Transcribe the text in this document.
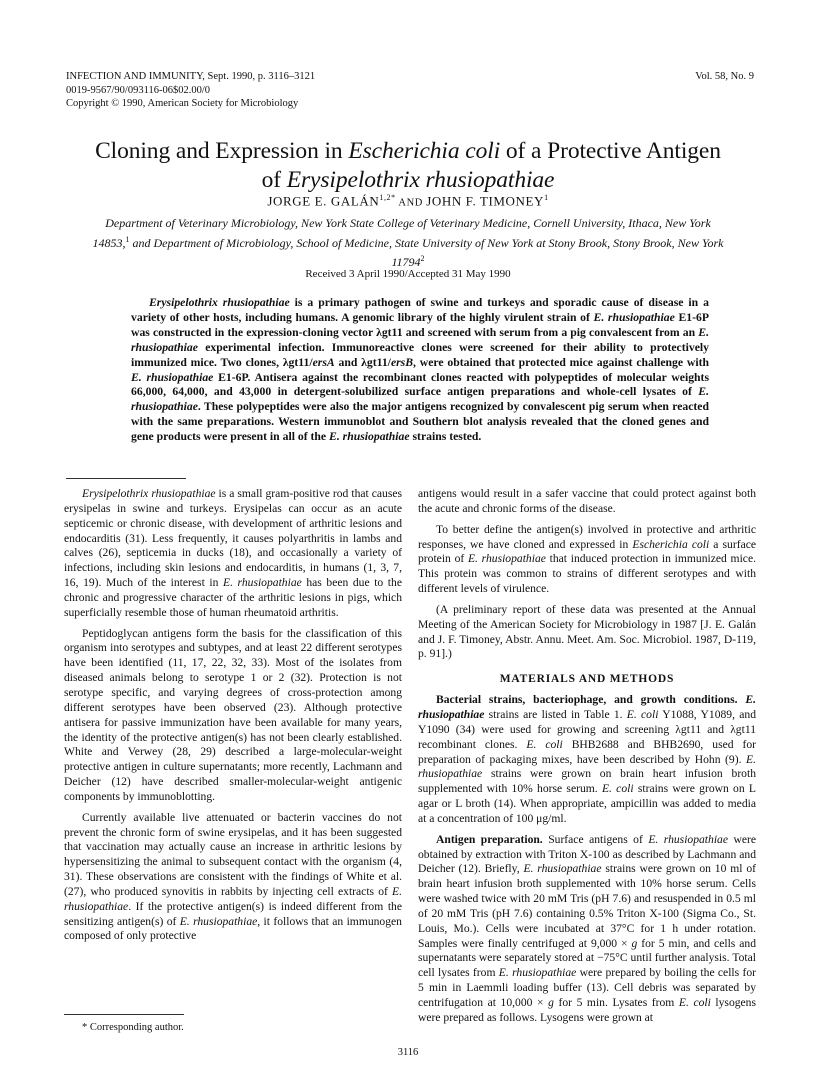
INFECTION AND IMMUNITY, Sept. 1990, p. 3116–3121
0019-9567/90/093116-06$02.00/0
Copyright © 1990, American Society for Microbiology
Vol. 58, No. 9
Cloning and Expression in Escherichia coli of a Protective Antigen
of Erysipelothrix rhusiopathiae
JORGE E. $GALÁN^{1,2*}$ AND JOHN F. TIMONEY$^1$
Department of Veterinary Microbiology, New York State College of Veterinary Medicine, Cornell University, Ithaca, New York 14853,$^1$ and Department of Microbiology, School of Medicine, State University of New York at Stony Brook, Stony Brook, New York 11794$^2$
Received 3 April 1990/Accepted 31 May 1990

Erysipelothrix rhusiopathiae is a primary pathogen of swine and turkeys and sporadic cause of disease in a variety of other hosts, including humans. A genomic library of the highly virulent strain of E. rhusiopathiae E1-6P was constructed in the expression-cloning vector λgt11 and screened with serum from a pig convalescent from an E. rhusiopathiae experimental infection. Immunoreactive clones were screened for their ability to protectively immunized mice. Two clones, λgt11/ersA and λgt11/ersB, were obtained that protected mice against challenge with E. rhusiopathiae E1-6P. Antisera against the recombinant clones reacted with polypeptides of molecular weights 66,000, 64,000, and 43,000 in detergent-solubilized surface antigen preparations and whole-cell lysates of E. rhusiopathiae. These polypeptides were also the major antigens recognized by convalescent pig serum when reacted with the same preparations. Western immunoblot and Southern blot analysis revealed that the cloned genes and gene products were present in all of the E. rhusiopathiae strains tested.

Erysipelothrix rhusiopathiae is a small gram-positive rod that causes erysipelas in swine and turkeys. Erysipelas can occur as an acute septicemic or chronic disease, with development of arthritic lesions and endocarditis (31). Less frequently, it causes polyarthritis in lambs and calves (26), septicemia in ducks (18), and occasionally a variety of infections, including skin lesions and endocarditis, in humans (1, 3, 7, 16, 19). Much of the interest in E. rhusiopathiae has been due to the chronic and progressive character of the arthritic lesions in pigs, which superficially resemble those of human rheumatoid arthritis.

Peptidoglycan antigens form the basis for the classification of this organism into serotypes and subtypes, and at least 22 different serotypes have been identified (11, 17, 22, 32, 33). Most of the isolates from diseased animals belong to serotype 1 or 2 (32). Protection is not serotype specific, and varying degrees of cross-protection among different serotypes have been observed (23). Although protective antisera for passive immunization have been available for many years, the identity of the protective antigen(s) has not been clearly established. White and Verwey (28, 29) described a large-molecular-weight protective antigen in culture supernatants; more recently, Lachmann and Deicher (12) have described smaller-molecular-weight antigenic components by immunoblotting.

Currently available live attenuated or bacterin vaccines do not prevent the chronic form of swine erysipelas, and it has been suggested that vaccination may actually cause an increase in arthritic lesions by hypersensitizing the animal to subsequent contact with the organism (4, 31). These observations are consistent with the findings of White et al. (27), who produced synovitis in rabbits by injecting cell extracts of E. rhusiopathiae. If the protective antigen(s) is indeed different from the sensitizing antigen(s) of E. rhusiopathiae, it follows that an immunogen composed of only protective

antigens would result in a safer vaccine that could protect against both the acute and chronic forms of the disease.

To better define the antigen(s) involved in protective and arthritic responses, we have cloned and expressed in Escherichia coli a surface protein of E. rhusiopathiae that induced protection in immunized mice. This protein was common to strains of different serotypes and with different levels of virulence.

(A preliminary report of these data was presented at the Annual Meeting of the American Society for Microbiology in 1987 [J. E. Galán and J. F. Timoney, Abstr. Annu. Meet. Am. Soc. Microbiol. 1987, D-119, p. 91].)

MATERIALS AND METHODS

Bacterial strains, bacteriophage, and growth conditions. E. rhusiopathiae strains are listed in Table 1. E. coli Y1088, Y1089, and Y1090 (34) were used for growing and screening λgt11 and λgt11 recombinant clones. E. coli BHB2688 and BHB2690, used for preparation of packaging mixes, have been described by Hohn (9). E. rhusiopathiae strains were grown on brain heart infusion broth supplemented with 10% horse serum. E. coli strains were grown on L agar or L broth (14). When appropriate, ampicillin was added to media at a concentration of 100 μg/ml.

Antigen preparation. Surface antigens of E. rhusiopathiae were obtained by extraction with Triton X-100 as described by Lachmann and Deicher (12). Briefly, E. rhusiopathiae strains were grown on 10 ml of brain heart infusion broth supplemented with 10% horse serum. Cells were washed twice with 20 mM Tris (pH 7.6) and resuspended in 0.5 ml of 20 mM Tris (pH 7.6) containing 0.5% Triton X-100 (Sigma Co., St. Louis, Mo.). Cells were incubated at 37°C for 1 h under rotation. Samples were finally centrifuged at 9,000 × g for 5 min, and cells and supernatants were separately stored at −75°C until further analysis. Total cell lysates from E. rhusiopathiae were prepared by boiling the cells for 5 min in Laemmli loading buffer (13). Cell debris was separated by centrifugation at 10,000 × g for 5 min. Lysates from E. coli lysogens were prepared as follows. Lysogens were grown at

* Corresponding author.
3116
